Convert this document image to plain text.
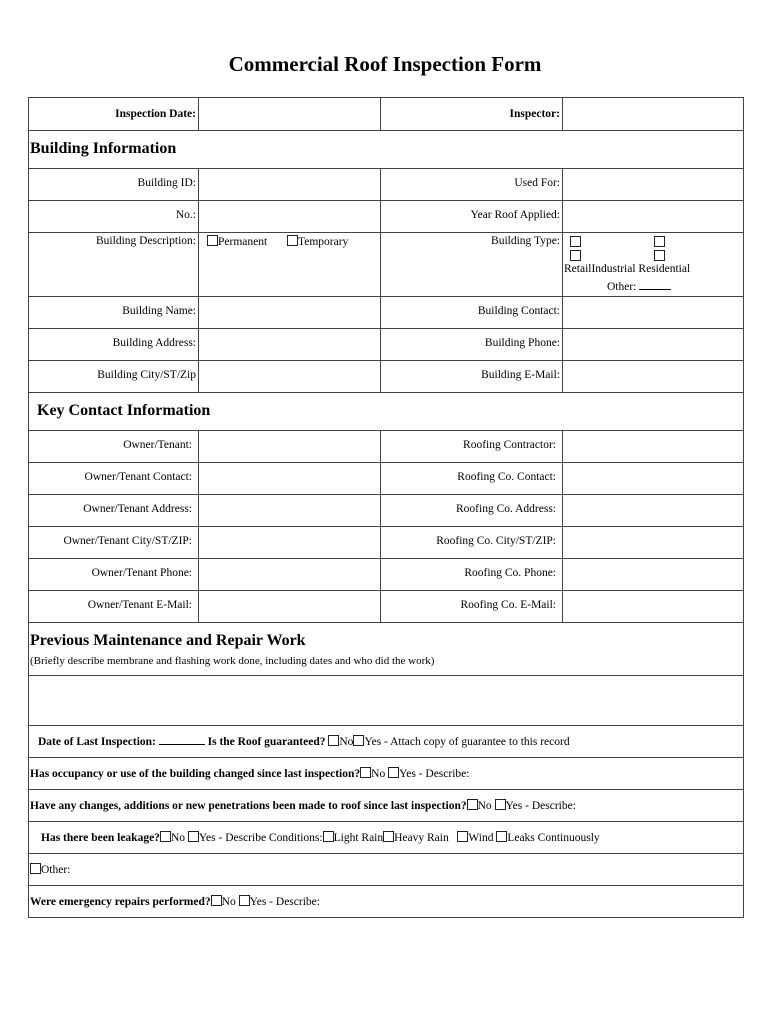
Commercial Roof Inspection Form
Inspection Date:	Inspector:
Building Information
Building ID:	Used For:
No.:	Year Roof Applied:
Building Description:	Permanent	Temporary	Building Type:
RetailIndustrial Residential
Other:
Building Name:	Building Contact:
Building Address:	Building Phone:
Building City/ST/Zip	Building E-Mail:
Key Contact Information
Owner/Tenant:	Roofing Contractor:
Owner/Tenant Contact:	Roofing Co. Contact:
Owner/Tenant Address:	Roofing Co. Address:
Owner/Tenant City/ST/ZIP:	Roofing Co. City/ST/ZIP:
Owner/Tenant Phone:	Roofing Co. Phone:
Owner/Tenant E-Mail:	Roofing Co. E-Mail:
Previous Maintenance and Repair Work
(Briefly describe membrane and flashing work done, including dates and who did the work)
Date of Last Inspection:	Is the Roof guaranteed? No Yes - Attach copy of guarantee to this record
Has occupancy or use of the building changed since last inspection? No Yes - Describe:
Have any changes, additions or new penetrations been made to roof since last inspection? No Yes - Describe:
Has there been leakage? No Yes - Describe Conditions: Light Rain Heavy Rain Wind Leaks Continuously
Other:
Were emergency repairs performed? No Yes - Describe:
